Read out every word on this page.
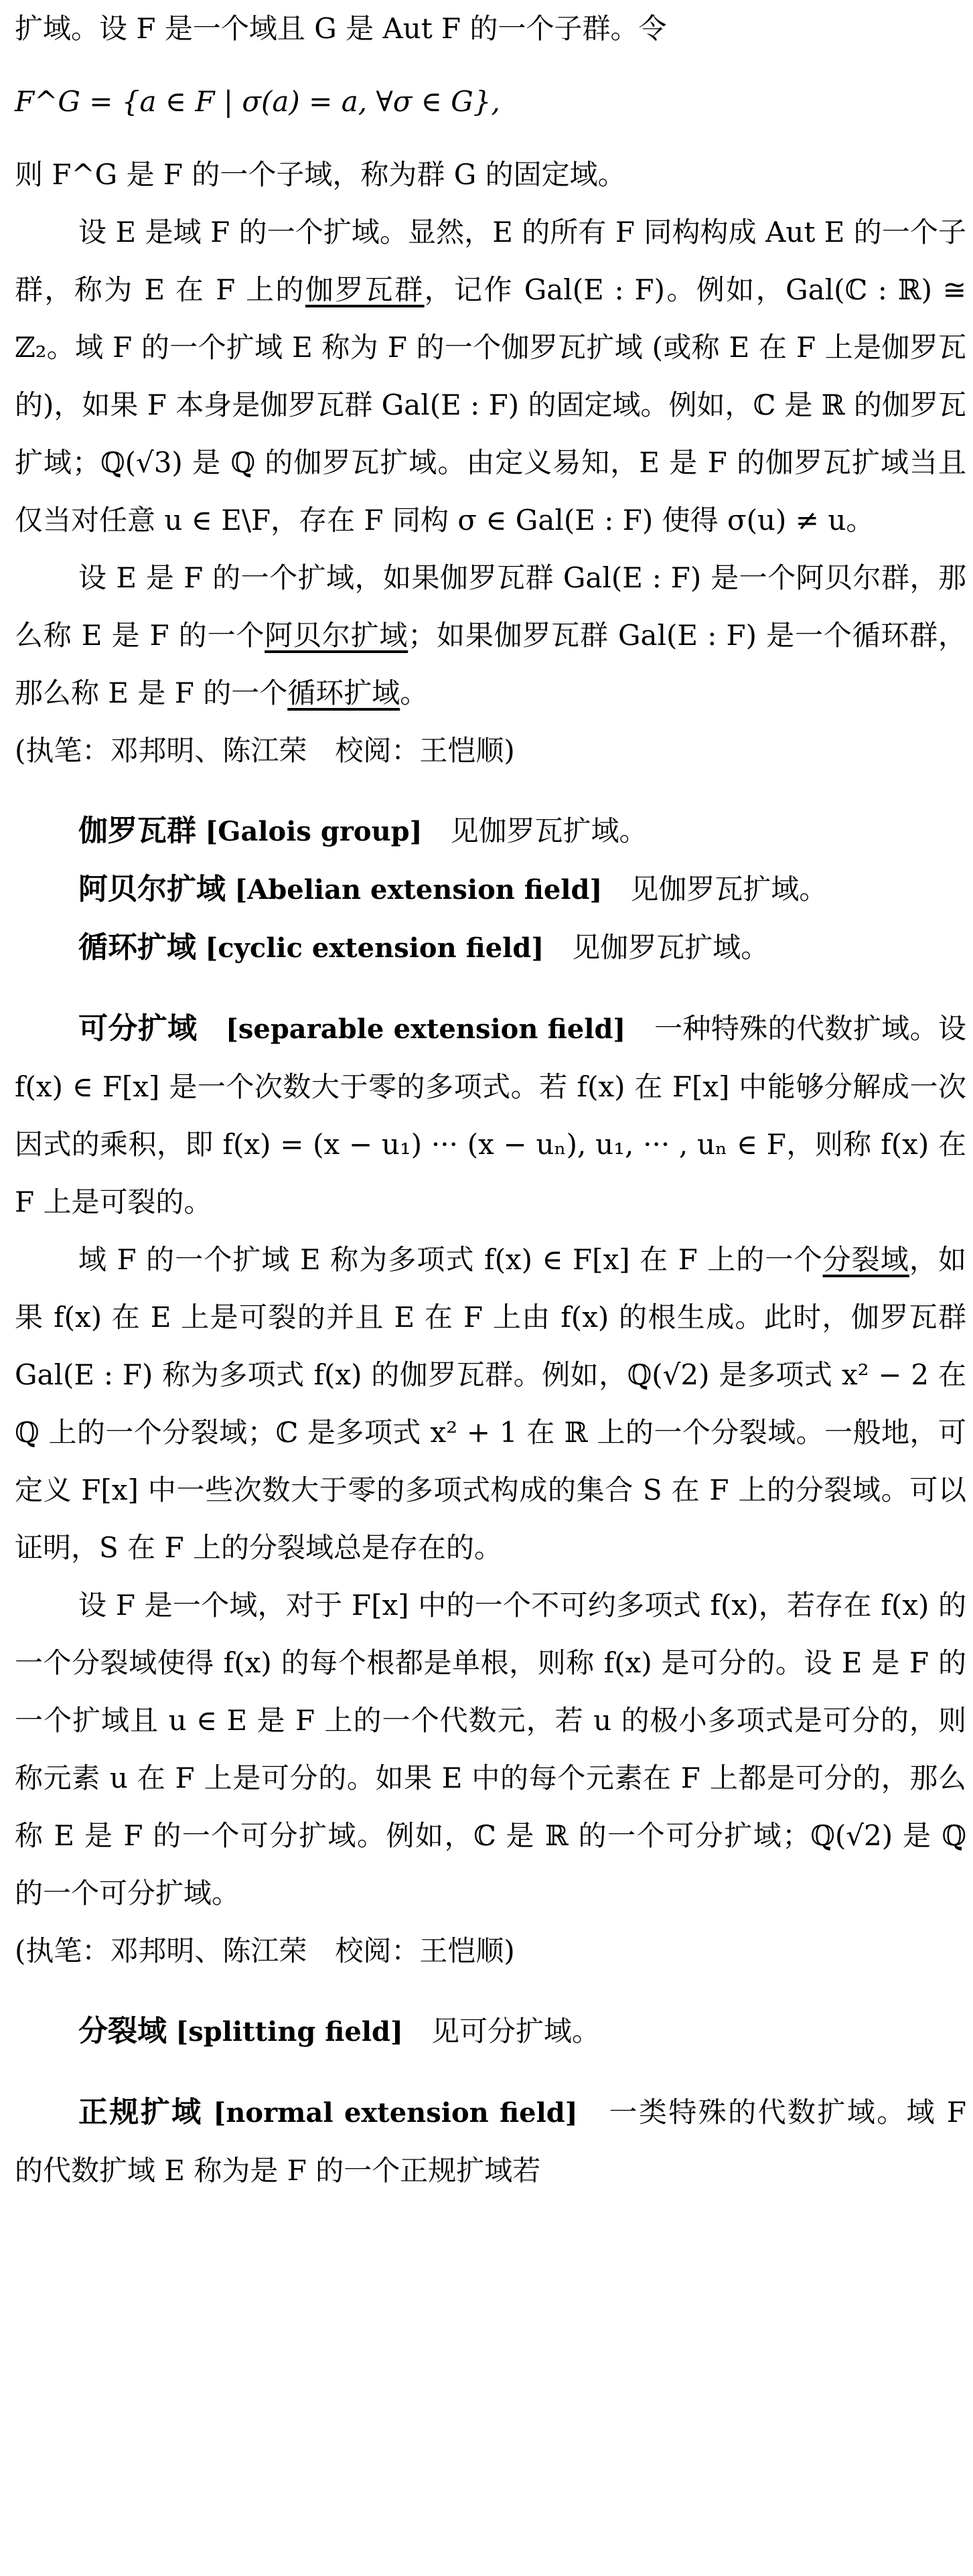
扩域。设 F 是一个域且 G 是 Aut F 的一个子群。令

F^G = {a ∈ F | σ(a) = a, ∀σ ∈ G},

则 F^G 是 F 的一个子域，称为群 G 的固定域。

设 E 是域 F 的一个扩域。显然，E 的所有 F 同构构成 Aut E 的一个子群，称为 E 在 F 上的伽罗瓦群，记作 Gal(E : F)。例如，Gal(ℂ : ℝ) ≅ ℤ₂。域 F 的一个扩域 E 称为 F 的一个伽罗瓦扩域 (或称 E 在 F 上是伽罗瓦的)，如果 F 本身是伽罗瓦群 Gal(E : F) 的固定域。例如，ℂ 是 ℝ 的伽罗瓦扩域；ℚ(√3) 是 ℚ 的伽罗瓦扩域。由定义易知，E 是 F 的伽罗瓦扩域当且仅当对任意 u ∈ E\F，存在 F 同构 σ ∈ Gal(E : F) 使得 σ(u) ≠ u。

设 E 是 F 的一个扩域，如果伽罗瓦群 Gal(E : F) 是一个阿贝尔群，那么称 E 是 F 的一个阿贝尔扩域；如果伽罗瓦群 Gal(E : F) 是一个循环群，那么称 E 是 F 的一个循环扩域。

(执笔：邓邦明、陈江荣　校阅：王恺顺)

伽罗瓦群 [Galois group]　 见伽罗瓦扩域。

阿贝尔扩域 [Abelian extension field]　 见伽罗瓦扩域。

循环扩域 [cyclic extension field]　 见伽罗瓦扩域。

可分扩域　 [separable extension field]　 一种特殊的代数扩域。设 f(x) ∈ F[x] 是一个次数大于零的多项式。若 f(x) 在 F[x] 中能够分解成一次因式的乘积，即 f(x) = (x − u₁) ··· (x − uₙ), u₁, ··· , uₙ ∈ F，则称 f(x) 在 F 上是可裂的。

域 F 的一个扩域 E 称为多项式 f(x) ∈ F[x] 在 F 上的一个分裂域，如果 f(x) 在 E 上是可裂的并且 E 在 F 上由 f(x) 的根生成。此时，伽罗瓦群 Gal(E : F) 称为多项式 f(x) 的伽罗瓦群。例如，ℚ(√2) 是多项式 x² − 2 在 ℚ 上的一个分裂域；ℂ 是多项式 x² + 1 在 ℝ 上的一个分裂域。一般地，可定义 F[x] 中一些次数大于零的多项式构成的集合 S 在 F 上的分裂域。可以证明，S 在 F 上的分裂域总是存在的。

设 F 是一个域，对于 F[x] 中的一个不可约多项式 f(x)，若存在 f(x) 的一个分裂域使得 f(x) 的每个根都是单根，则称 f(x) 是可分的。设 E 是 F 的一个扩域且 u ∈ E 是 F 上的一个代数元，若 u 的极小多项式是可分的，则称元素 u 在 F 上是可分的。如果 E 中的每个元素在 F 上都是可分的，那么称 E 是 F 的一个可分扩域。例如，ℂ 是 ℝ 的一个可分扩域；ℚ(√2) 是 ℚ 的一个可分扩域。

(执笔：邓邦明、陈江荣　校阅：王恺顺)

分裂域 [splitting field]　 见可分扩域。

正规扩域 [normal extension field]　 一类特殊的代数扩域。域 F 的代数扩域 E 称为是 F 的一个正规扩域若
